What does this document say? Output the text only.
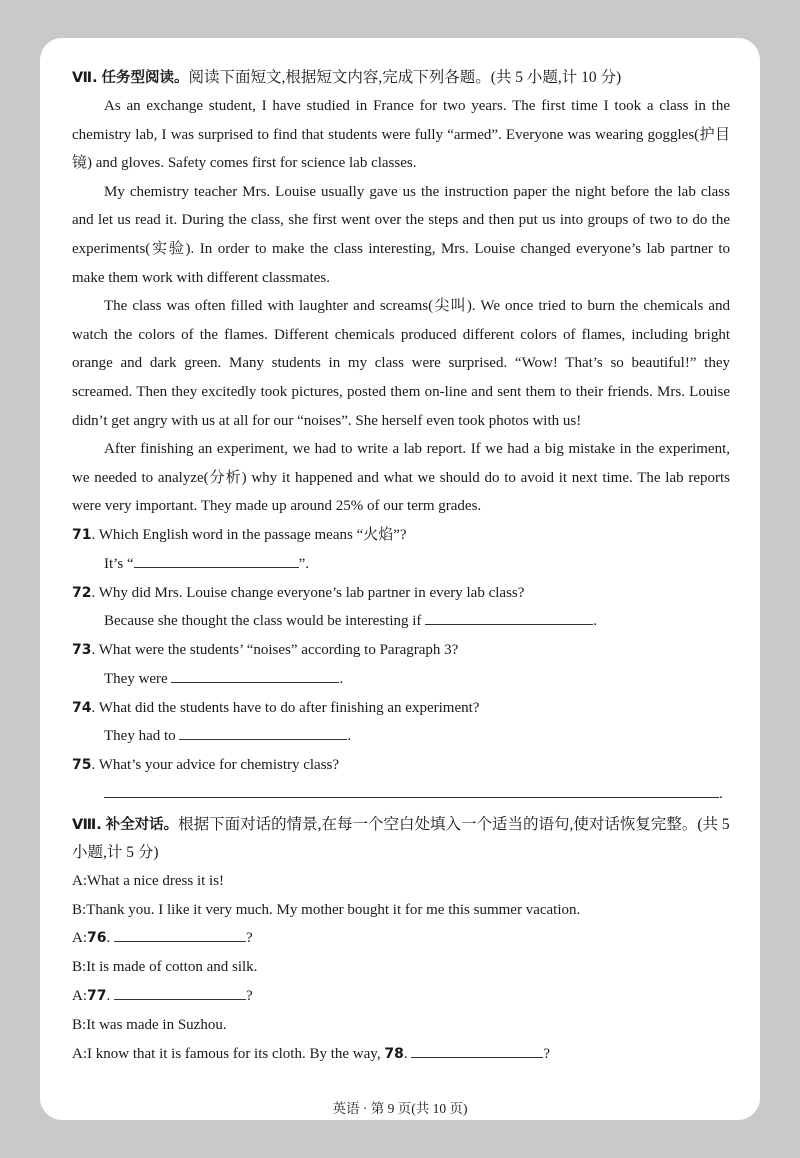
Ⅶ. 任务型阅读。阅读下面短文,根据短文内容,完成下列各题。(共 5 小题,计 10 分)

As an exchange student, I have studied in France for two years. The first time I took a class in the chemistry lab, I was surprised to find that students were fully “armed”. Everyone was wearing goggles(护目镜) and gloves. Safety comes first for science lab classes.

My chemistry teacher Mrs. Louise usually gave us the instruction paper the night before the lab class and let us read it. During the class, she first went over the steps and then put us into groups of two to do the experiments(实验). In order to make the class interesting, Mrs. Louise changed everyone’s lab partner to make them work with different classmates.

The class was often filled with laughter and screams(尖叫). We once tried to burn the chemicals and watch the colors of the flames. Different chemicals produced different colors of flames, including bright orange and dark green. Many students in my class were surprised. “Wow! That’s so beautiful!” they screamed. Then they excitedly took pictures, posted them on-line and sent them to their friends. Mrs. Louise didn’t get angry with us at all for our “noises”. She herself even took photos with us!

After finishing an experiment, we had to write a lab report. If we had a big mistake in the experiment, we needed to analyze(分析) why it happened and what we should do to avoid it next time. The lab reports were very important. They made up around 25% of our term grades.

71. Which English word in the passage means “火焰”?

It’s “	”.

72. Why did Mrs. Louise change everyone’s lab partner in every lab class?

Because she thought the class would be interesting if	.

73. What were the students’ “noises” according to Paragraph 3?

They were	.

74. What did the students have to do after finishing an experiment?

They had to	.

75. What’s your advice for chemistry class?

.

Ⅷ. 补全对话。根据下面对话的情景,在每一个空白处填入一个适当的语句,使对话恢复完整。(共 5 小题,计 5 分)

A:What a nice dress it is!

B:Thank you. I like it very much. My mother bought it for me this summer vacation.

A:76.	?

B:It is made of cotton and silk.

A:77.	?

B:It was made in Suzhou.

A:I know that it is famous for its cloth. By the way, 78.	?

英语 · 第 9 页(共 10 页)
